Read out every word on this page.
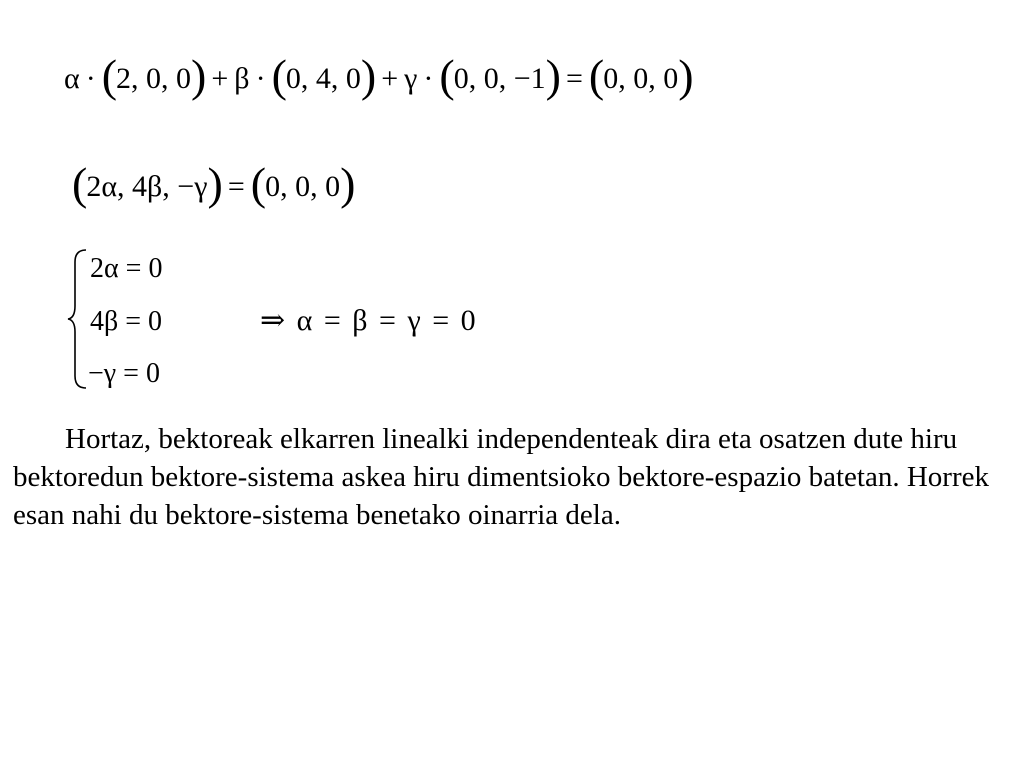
α · (2, 0, 0) + β · (0, 4, 0) + γ · (0, 0, −1) = (0, 0, 0)
(2α, 4β, −γ) = (0, 0, 0)
2α = 0
4β = 0
−γ = 0
⇒ α = β = γ = 0

Hortaz, bektoreak elkarren linealki independenteak dira eta osatzen dute hiru bektoredun bektore-sistema askea hiru dimentsioko bektore-espazio batetan. Horrek esan nahi du bektore-sistema benetako oinarria dela.
